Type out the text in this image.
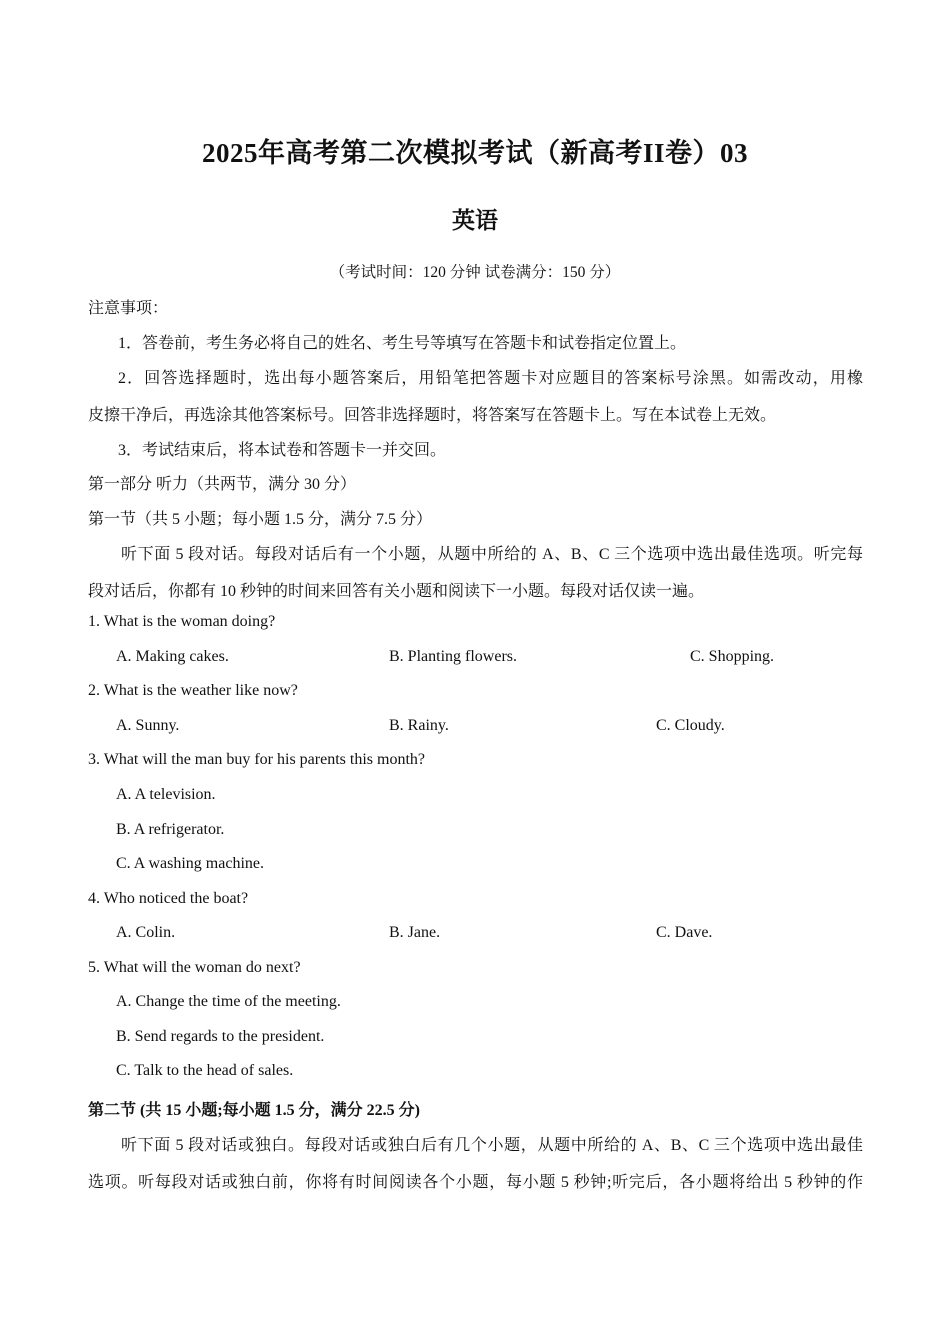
2025年高考第二次模拟考试（新高考II卷）03
英语
（考试时间：120 分钟 试卷满分：150 分）
注意事项：
1．答卷前，考生务必将自己的姓名、考生号等填写在答题卡和试卷指定位置上。
2．回答选择题时，选出每小题答案后，用铅笔把答题卡对应题目的答案标号涂黑。如需改动，用橡
皮擦干净后，再选涂其他答案标号。回答非选择题时，将答案写在答题卡上。写在本试卷上无效。
3．考试结束后，将本试卷和答题卡一并交回。
第一部分 听力（共两节，满分 30 分）
第一节（共 5 小题；每小题 1.5 分，满分 7.5 分）
听下面 5 段对话。每段对话后有一个小题，从题中所给的 A、B、C 三个选项中选出最佳选项。听完每
段对话后，你都有 10 秒钟的时间来回答有关小题和阅读下一小题。每段对话仅读一遍。
1. What is the woman doing?
A. Making cakes.	B. Planting flowers.	C. Shopping.
2. What is the weather like now?
A. Sunny.	B. Rainy.	C. Cloudy.
3. What will the man buy for his parents this month?
A. A television.
B. A refrigerator.
C. A washing machine.
4. Who noticed the boat?
A. Colin.	B. Jane.	C. Dave.
5. What will the woman do next?
A. Change the time of the meeting.
B. Send regards to the president.
C. Talk to the head of sales.
第二节 (共 15 小题;每小题 1.5 分，满分 22.5 分)
听下面 5 段对话或独白。每段对话或独白后有几个小题，从题中所给的 A、B、C 三个选项中选出最佳
选项。听每段对话或独白前，你将有时间阅读各个小题，每小题 5 秒钟;听完后，各小题将给出 5 秒钟的作
